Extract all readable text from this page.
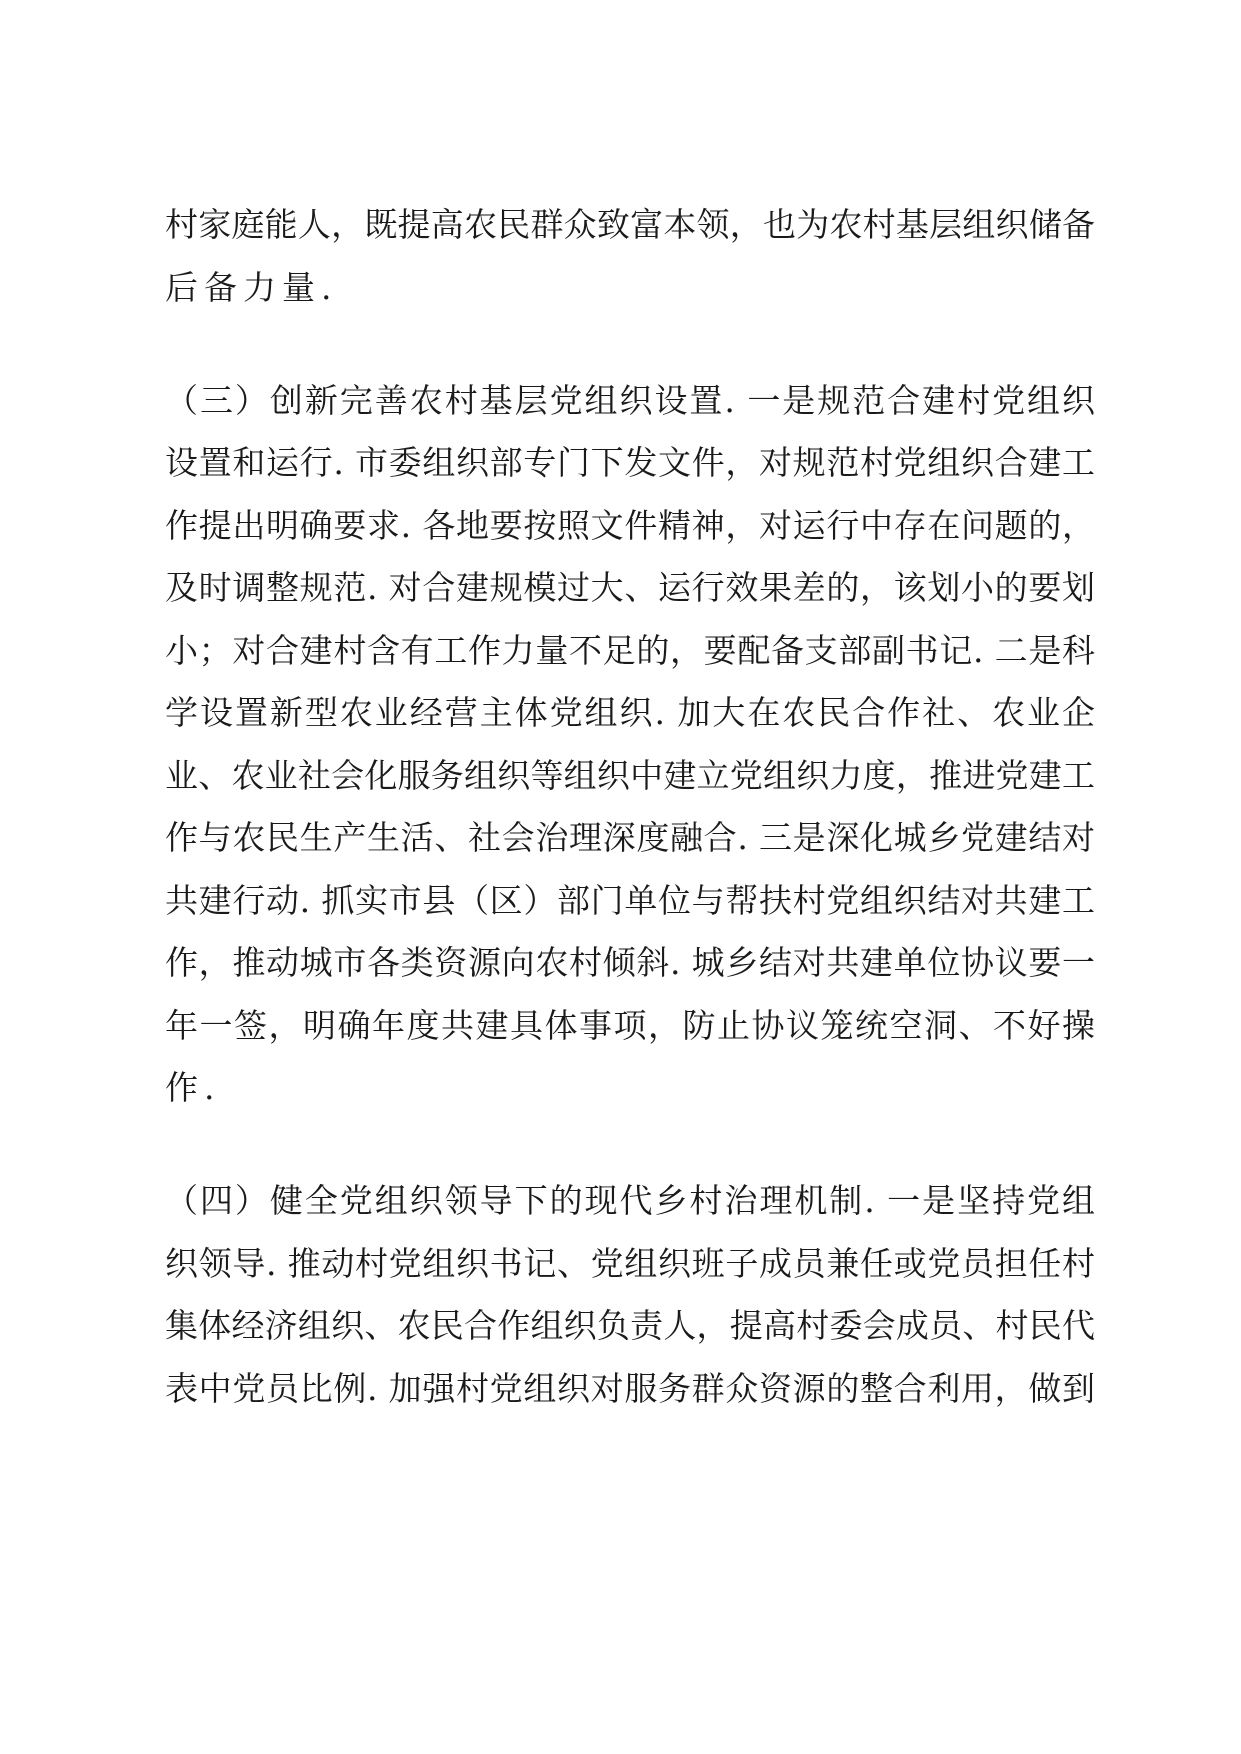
村家庭能人，既提高农民群众致富本领，也为农村基层组织储备
后备力量.
（三）创新完善农村基层党组织设置. 一是规范合建村党组织
设置和运行. 市委组织部专门下发文件，对规范村党组织合建工
作提出明确要求. 各地要按照文件精神，对运行中存在问题的，
及时调整规范. 对合建规模过大、运行效果差的，该划小的要划
小；对合建村含有工作力量不足的，要配备支部副书记. 二是科
学设置新型农业经营主体党组织. 加大在农民合作社、农业企
业、农业社会化服务组织等组织中建立党组织力度，推进党建工
作与农民生产生活、社会治理深度融合. 三是深化城乡党建结对
共建行动. 抓实市县（区）部门单位与帮扶村党组织结对共建工
作，推动城市各类资源向农村倾斜. 城乡结对共建单位协议要一
年一签，明确年度共建具体事项，防止协议笼统空洞、不好操
作.
（四）健全党组织领导下的现代乡村治理机制. 一是坚持党组
织领导. 推动村党组织书记、党组织班子成员兼任或党员担任村
集体经济组织、农民合作组织负责人，提高村委会成员、村民代
表中党员比例. 加强村党组织对服务群众资源的整合利用，做到
